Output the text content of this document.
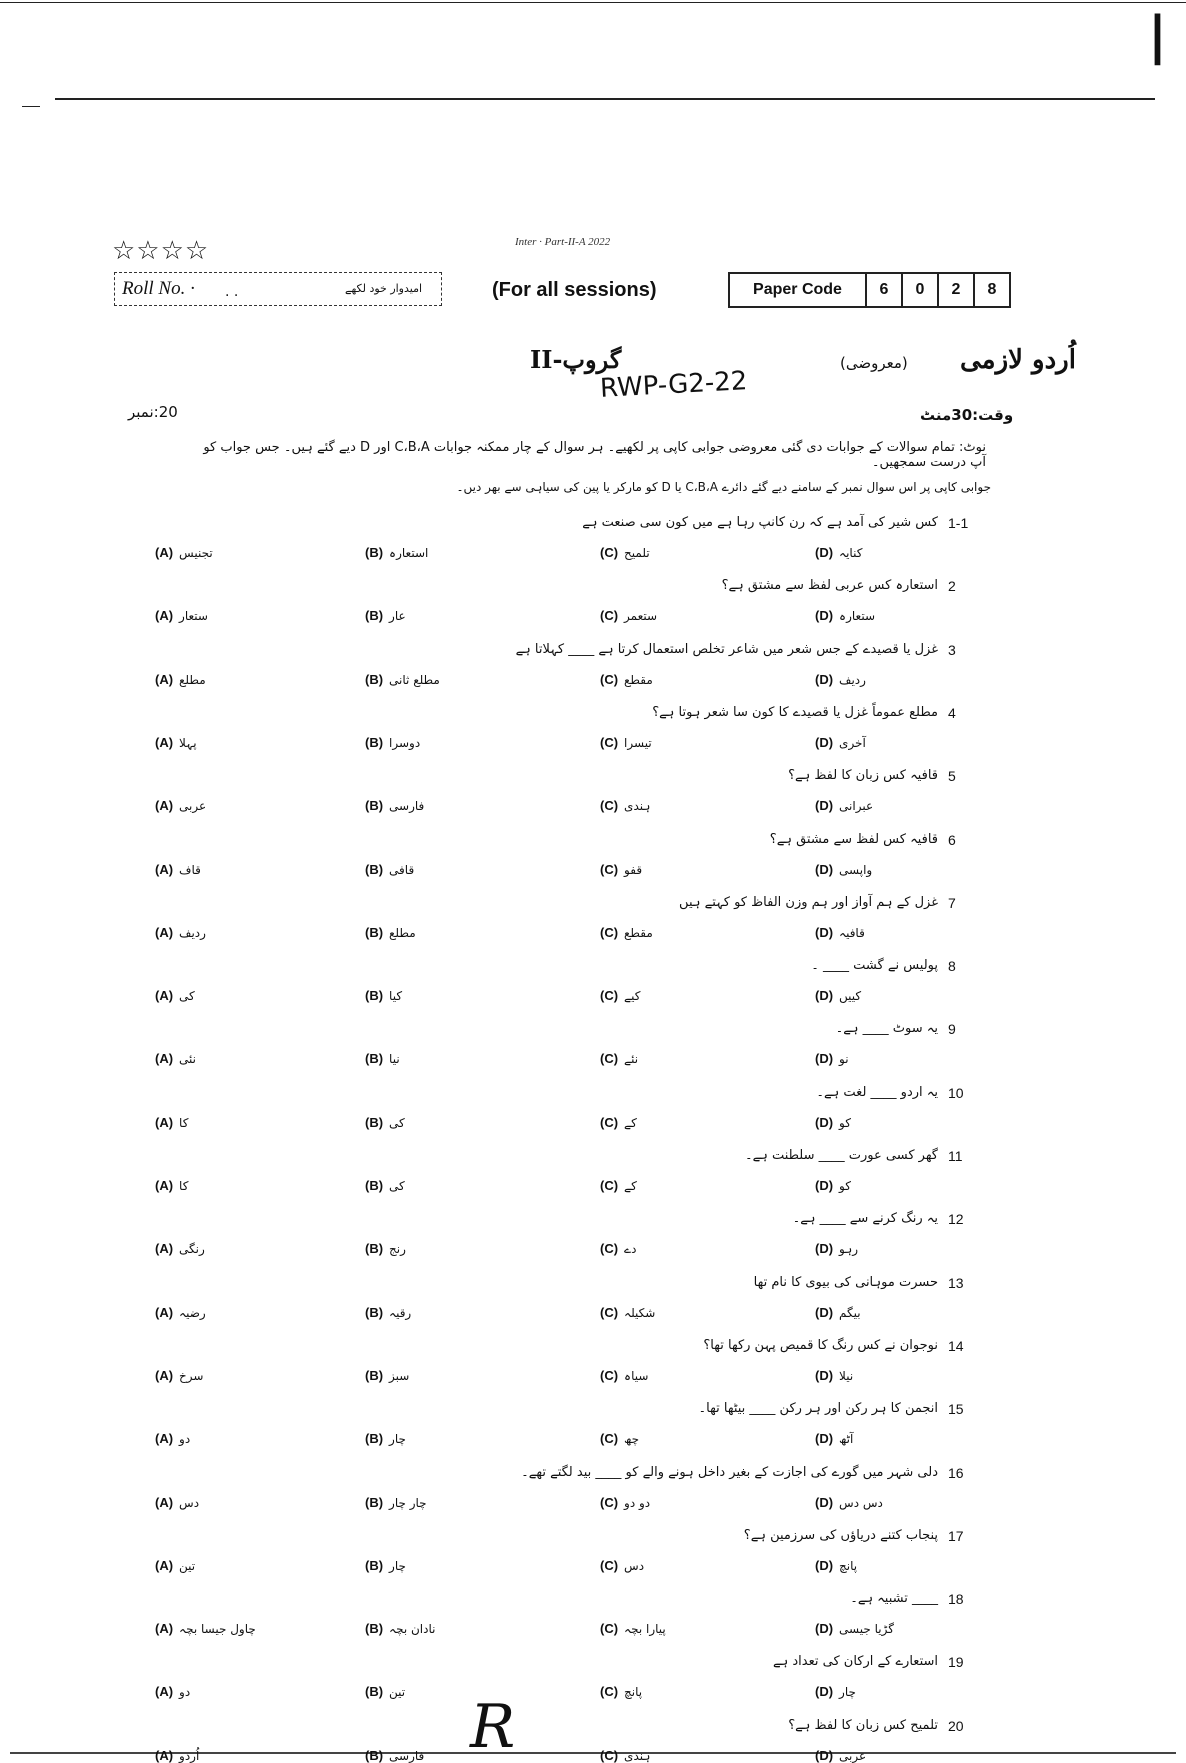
|
☆☆☆☆	Inter · Part-II-A 2022
Roll No. · . .	امیدوار خود لکھے	(For all sessions)	Paper Code	6	0	2	8
گروپ-II
RWP-G2-22
(معروضی) اُردو لازمی
20:نمبر	وقت:30منٹ
نوٹ: تمام سوالات کے جوابات دی گئی معروضی جوابی کاپی پر لکھیے۔ ہر سوال کے چار ممکنہ جوابات C،B،A اور D دیے گئے ہیں۔ جس جواب کو آپ درست سمجھیں۔
جوابی کاپی پر اس سوال نمبر کے سامنے دیے گئے دائرے C،B،A یا D کو مارکر یا پین کی سیاہی سے بھر دیں۔
1-1
کس شیر کی آمد ہے کہ رن کانپ رہا ہے میں کون سی صنعت ہے
(A) تجنیس	(B) استعارہ	(C) تلمیح	(D) کنایہ
2
استعارہ کس عربی لفظ سے مشتق ہے؟
(A) ستعار	(B) عار	(C) ستعمر	(D) ستعارہ
3
غزل یا قصیدے کے جس شعر میں شاعر تخلص استعمال کرتا ہے ____ کہلاتا ہے
(A) مطلع	(B) مطلع ثانی	(C) مقطع	(D) ردیف
4
مطلع عموماً غزل یا قصیدے کا کون سا شعر ہوتا ہے؟
(A) پہلا	(B) دوسرا	(C) تیسرا	(D) آخری
5
قافیہ کس زبان کا لفظ ہے؟
(A) عربی	(B) فارسی	(C) ہندی	(D) عبرانی
6
قافیہ کس لفظ سے مشتق ہے؟
(A) قاف	(B) قافی	(C) قفو	(D) واپسی
7
غزل کے ہم آواز اور ہم وزن الفاظ کو کہتے ہیں
(A) ردیف	(B) مطلع	(C) مقطع	(D) قافیہ
8
پولیس نے گشت ____ ۔
(A) کی	(B) کیا	(C) کیے	(D) کییں
9
یہ سوٹ ____ ہے۔
(A) نئی	(B) نیا	(C) نئے	(D) نو
10
یہ اردو ____ لغت ہے۔
(A) کا	(B) کی	(C) کے	(D) کو
11
گھر کسی عورت ____ سلطنت ہے۔
(A) کا	(B) کی	(C) کے	(D) کو
12
یہ رنگ کرنے سے ____ ہے۔
(A) رنگی	(B) رنج	(C) دے	(D) رہو
13
حسرت موہانی کی بیوی کا نام تھا
(A) رضیہ	(B) رقیہ	(C) شکیلہ	(D) بیگم
14
نوجوان نے کس رنگ کا قمیص پہن رکھا تھا؟
(A) سرخ	(B) سبز	(C) سیاہ	(D) نیلا
15
انجمن کا ہر رکن اور ہر رکن ____ بیٹھا تھا۔
(A) دو	(B) چار	(C) چھ	(D) آٹھ
16
دلی شہر میں گورے کی اجازت کے بغیر داخل ہونے والے کو ____ بید لگتے تھے۔
(A) دس	(B) چار چار	(C) دو دو	(D) دس دس
17
پنجاب کتنے دریاؤں کی سرزمین ہے؟
(A) تین	(B) چار	(C) دس	(D) پانچ
18
____ تشبیہ ہے۔
(A) چاول جیسا بچہ	(B) نادان بچہ	(C) پیارا بچہ	(D) گڑیا جیسی
19
استعارے کے ارکان کی تعداد ہے
(A) دو	(B) تین	(C) پانچ	(D) چار
20
تلمیح کس زبان کا لفظ ہے؟
(A) اُردو	(B) فارسی	(C) ہندی	(D) عربی
R
